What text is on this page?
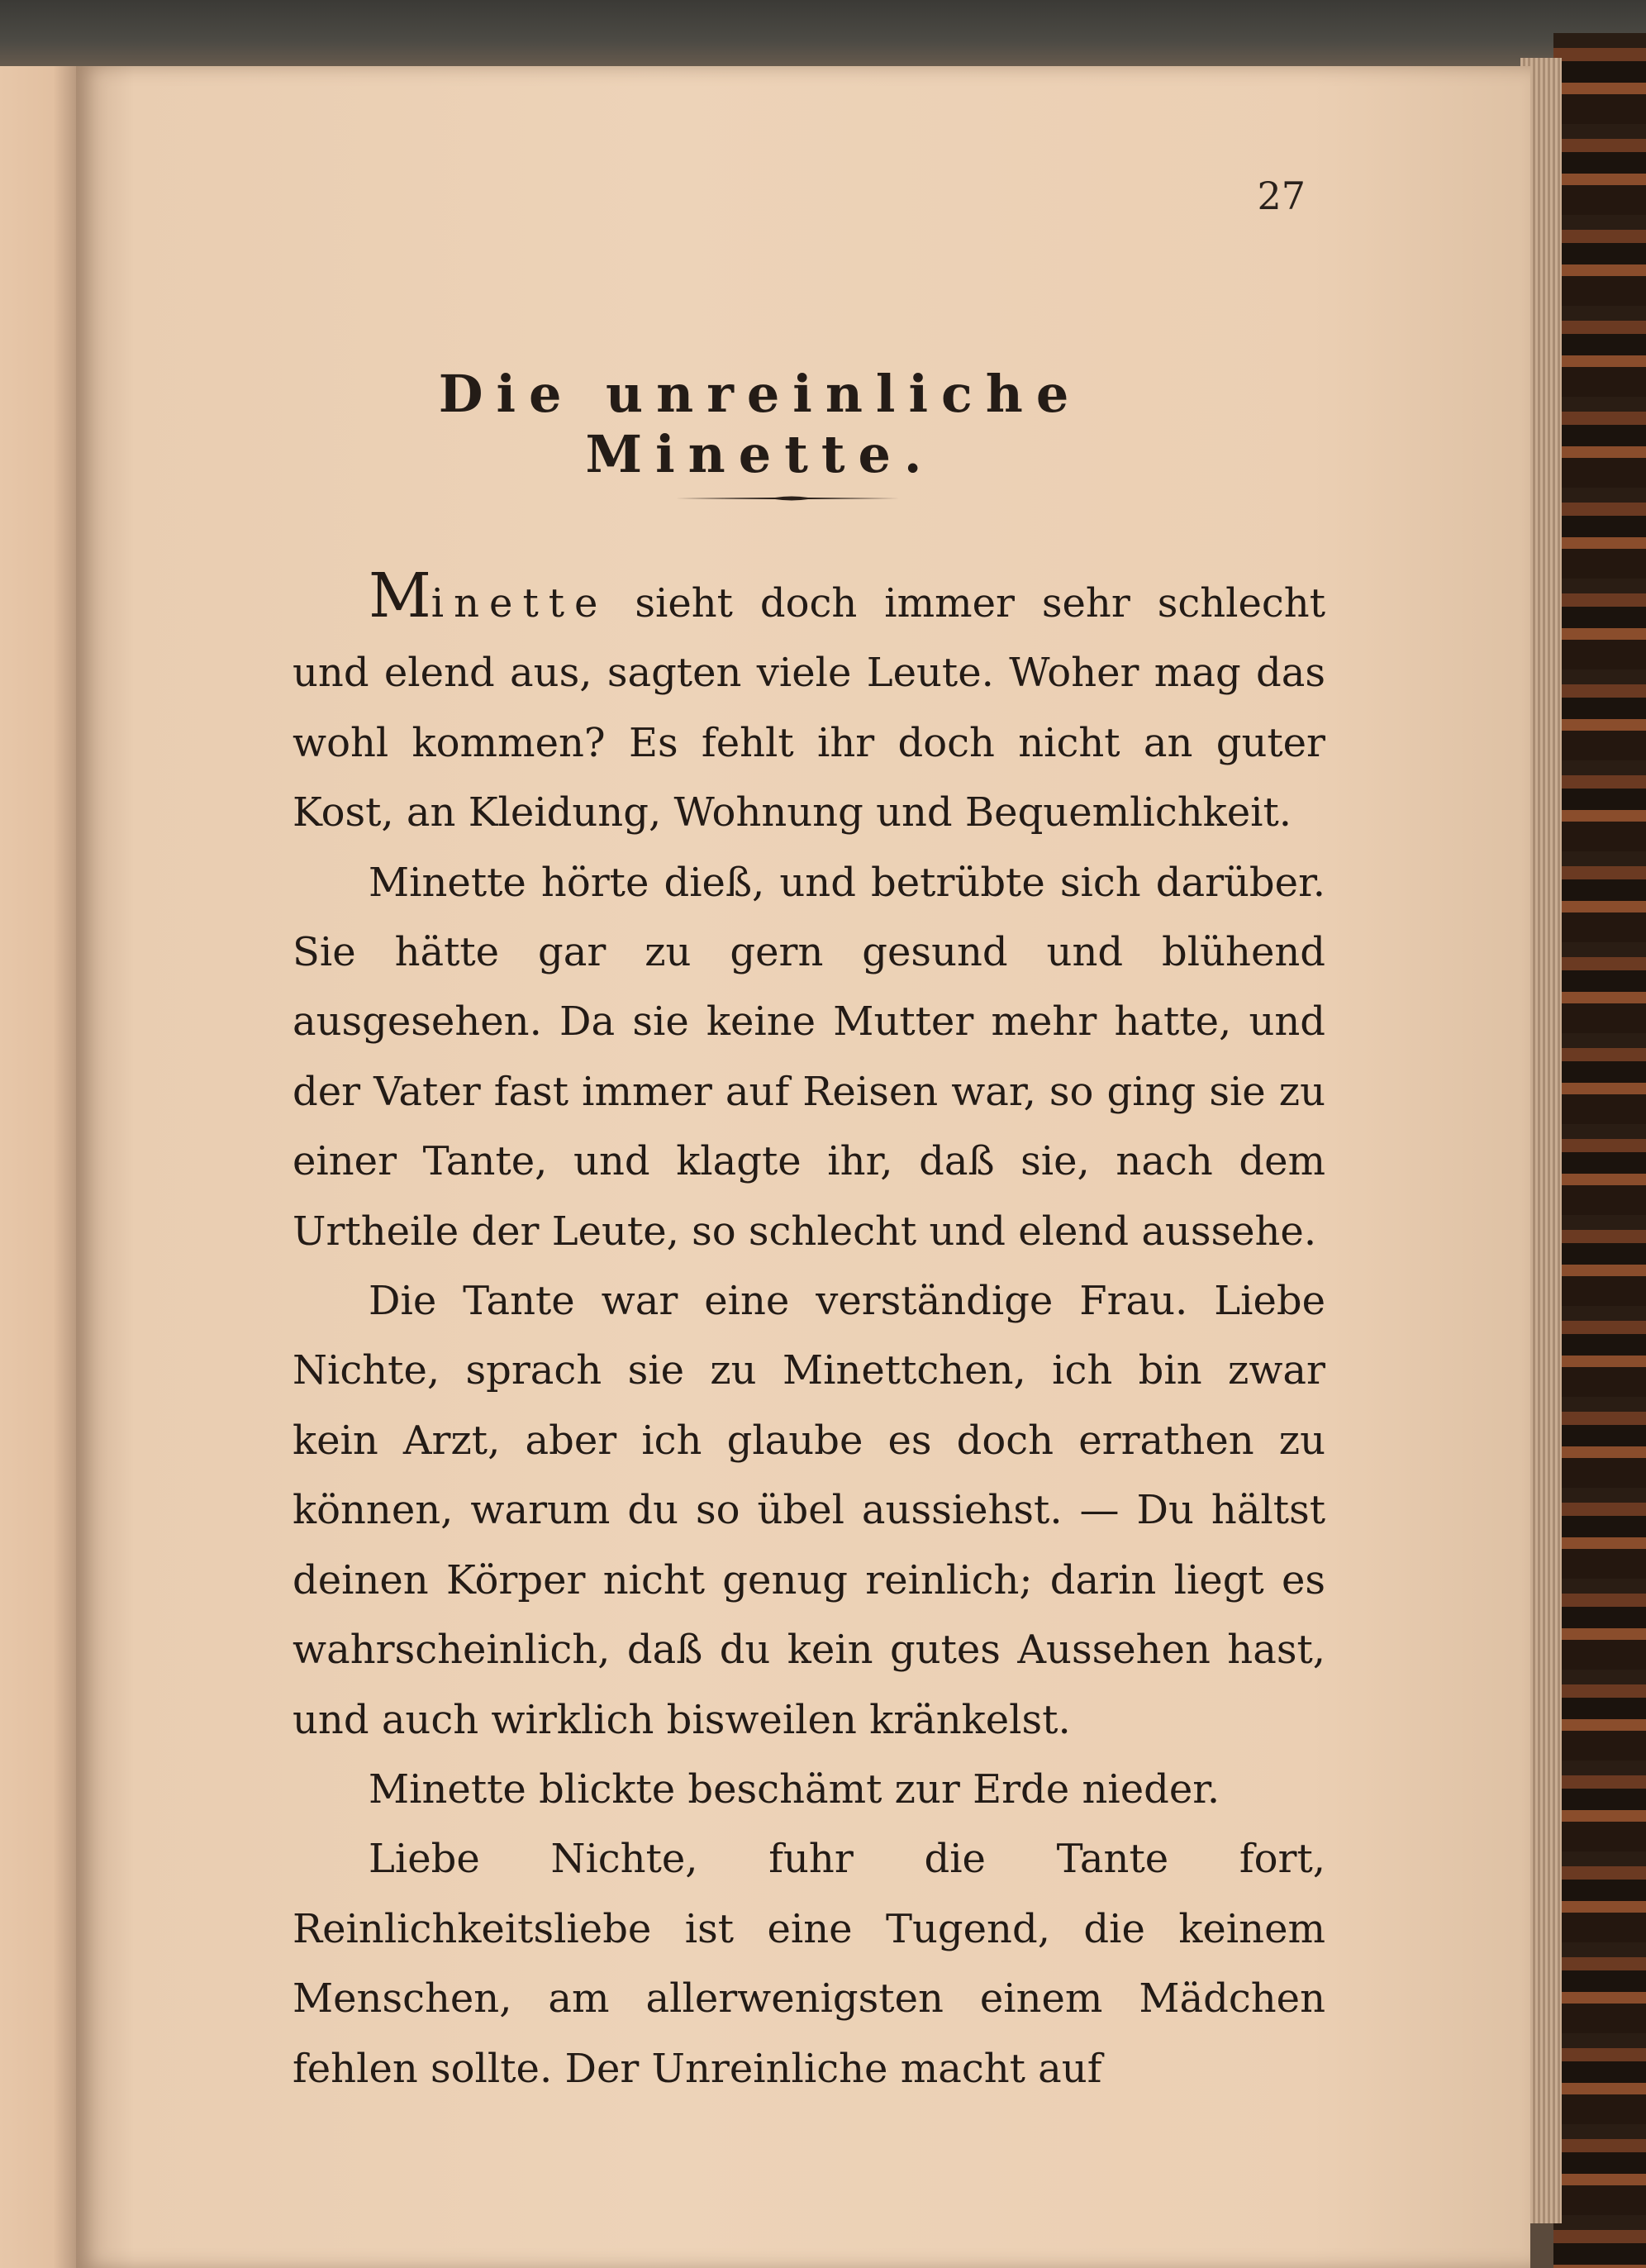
27
Die unreinliche Minette.

Minette sieht doch immer sehr schlecht und elend aus, sagten viele Leute. Woher mag das wohl kommen? Es fehlt ihr doch nicht an guter Kost, an Kleidung, Wohnung und Bequemlichkeit.

Minette hörte dieß, und betrübte sich darüber. Sie hätte gar zu gern gesund und blühend ausgesehen. Da sie keine Mutter mehr hatte, und der Vater fast immer auf Reisen war, so ging sie zu einer Tante, und klagte ihr, daß sie, nach dem Urtheile der Leute, so schlecht und elend aussehe.

Die Tante war eine verständige Frau. Liebe Nichte, sprach sie zu Minettchen, ich bin zwar kein Arzt, aber ich glaube es doch errathen zu können, warum du so übel aussiehst. — Du hältst deinen Körper nicht genug reinlich; darin liegt es wahrscheinlich, daß du kein gutes Aussehen hast, und auch wirklich bisweilen kränkelst.

Minette blickte beschämt zur Erde nieder.

Liebe Nichte, fuhr die Tante fort, Reinlichkeitsliebe ist eine Tugend, die keinem Menschen, am allerwenigsten einem Mädchen fehlen sollte. Der Unreinliche macht auf
